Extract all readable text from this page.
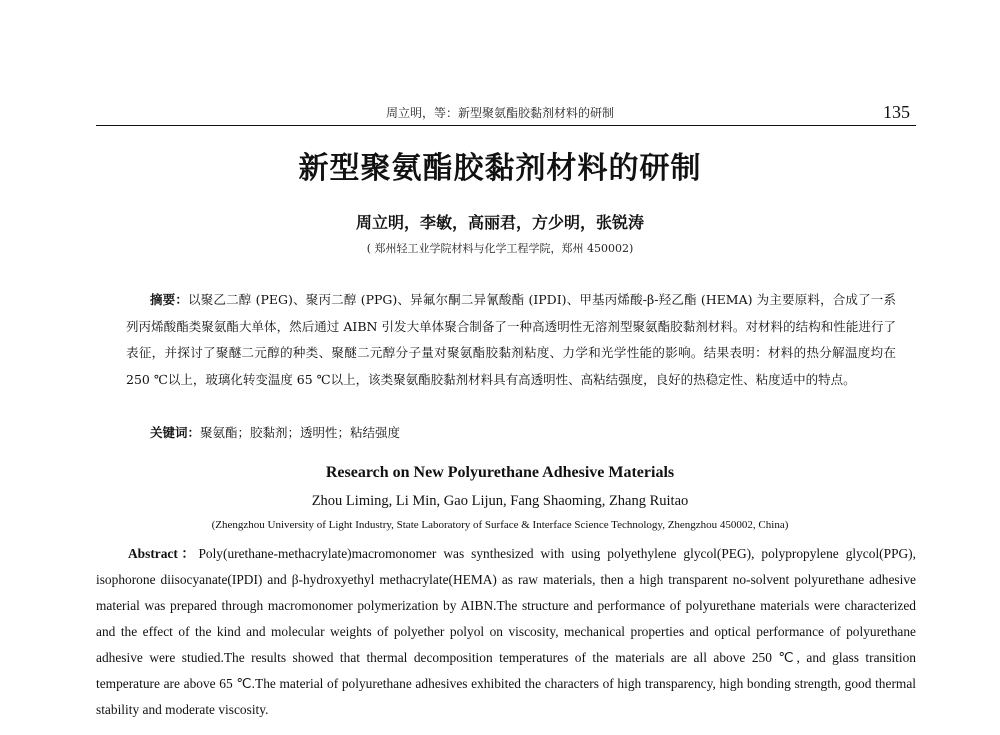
周立明，等：新型聚氨酯胶黏剂材料的研制	135
新型聚氨酯胶黏剂材料的研制
周立明，李敏，高丽君，方少明，张锐涛
( 郑州轻工业学院材料与化学工程学院，郑州 450002)
摘要：以聚乙二醇 (PEG)、聚丙二醇 (PPG)、异氟尔酮二异氰酸酯 (IPDI)、甲基丙烯酸-β-羟乙酯 (HEMA) 为主要原料，合成了一系列丙烯酸酯类聚氨酯大单体，然后通过 AIBN 引发大单体聚合制备了一种高透明性无溶剂型聚氨酯胶黏剂材料。对材料的结构和性能进行了表征，并探讨了聚醚二元醇的种类、聚醚二元醇分子量对聚氨酯胶黏剂粘度、力学和光学性能的影响。结果表明：材料的热分解温度均在 250 ℃以上，玻璃化转变温度 65 ℃以上，该类聚氨酯胶黏剂材料具有高透明性、高粘结强度，良好的热稳定性、粘度适中的特点。
关键词：聚氨酯；胶黏剂；透明性；粘结强度
Research on New Polyurethane Adhesive Materials
Zhou Liming, Li Min, Gao Lijun, Fang Shaoming, Zhang Ruitao
(Zhengzhou University of Light Industry, State Laboratory of Surface & Interface Science Technology, Zhengzhou 450002, China)
Abstract：Poly(urethane-methacrylate)macromonomer was synthesized with using polyethylene glycol(PEG), polypropylene glycol(PPG), isophorone diisocyanate(IPDI) and β-hydroxyethyl methacrylate(HEMA) as raw materials, then a high transparent no-solvent polyurethane adhesive material was prepared through macromonomer polymerization by AIBN.The structure and performance of polyurethane materials were characterized and the effect of the kind and molecular weights of polyether polyol on viscosity, mechanical properties and optical performance of polyurethane adhesive were studied.The results showed that thermal decomposition temperatures of the materials are all above 250 ℃, and glass transition temperature are above 65 ℃.The material of polyurethane adhesives exhibited the characters of high transparency, high bonding strength, good thermal stability and moderate viscosity.
